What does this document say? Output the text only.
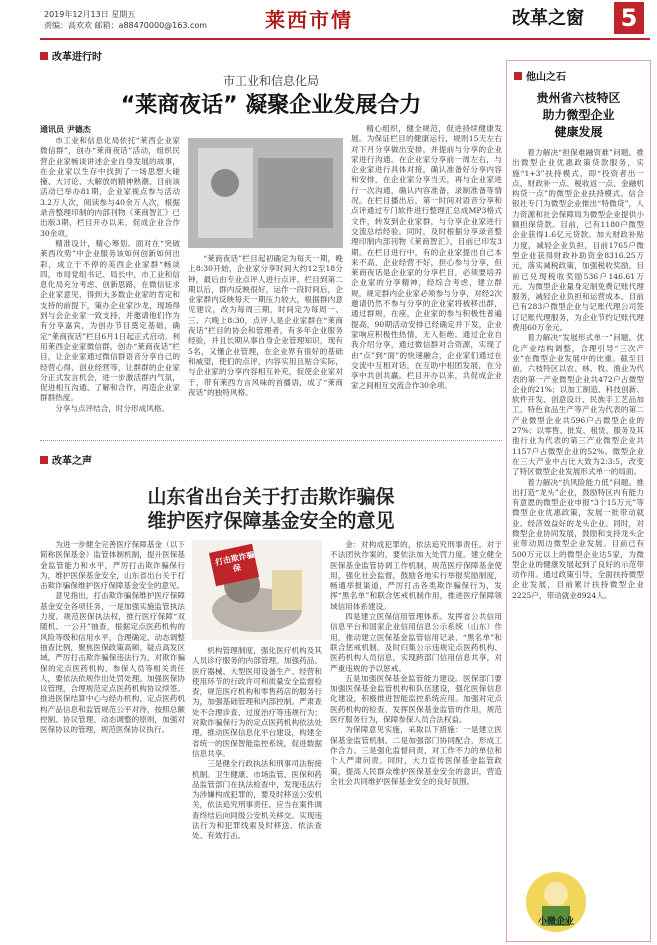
2019年12月13日 星期五
责编：高欢欢 邮箱：a88470000@163.com	莱西市情	改革之窗 5
改革进行时
市工业和信息化局
“莱商夜话” 凝聚企业发展合力
通讯员 尹德杰

市工业和信息化局依托“莱西企业家微信群”，创办“莱商夜话”活动，组织民营企业家畅谈讲述企业自身发展的故事，在企业家以生存中找到了一场思想大碰撞、大讨论、大解放的精神熟潮。目前该活动已举办81期，企业家视点参与活动3.2万人次，阅读参与40余万人次，根据录音整理印制的内部刊物《莱商智汇》已出版3期，栏目开办以来，促成企业合作30余项。

精准设计，精心筹划。面对在“突破莱西攻势”中企业服务该如何创新如何出彩，成立于不停的美西企业家群“畅谈四，市局党组书记、局长中，市工业和信息化局充分考虑、创新思路，在微信征求企业家意见，得到大多数企业家的肯定和支持的前提下，策办企业家沙龙，现场得到与会企业家一致支持，并邀请他们作为有分享嘉宾，为创办节目奠定基础，确定“莱商夜话”栏目6月1日起正式启动。利用莱西企业家微信群，创办“莱商夜话”栏目，让企业家通过微信群语音分享自己的经营心得、创业经营等，让群群的企业家分正式发言机会，进一步激活群内气氛，促进相互沟通、了解和合作，再造企业家群群热度。

分享与点评结合，时分形成风格。

“莱商夜话”栏目起初确定为每天一期，晚上8:30开始，企业家分享时间大约12至18分钟，最后由专业点评人进行点评。栏目到第二期以后，群内反映很好，运作一段时间后，企业家群内反映每天一期压力较大，根据群内意见建议，改为每周三期，时间定为每周一、三、六晚上8:30，点评人是企业家群在“莱商夜话”栏目的协会和管理者，有多年企业服务经验，并且长期从事自身企业管理知识，现有5名，又懂企业管理，在企业界有很好的基础和威望，使们的点评，内容实用且贴合实际，与企业家的分享内容相互补充，促使企业家对于，带有莱西方言风味的首播语，成了“莱商夜话”的独特风格。

精心组织，健全规范，促进持续健康发展。为保证栏目的健康运行，规则15天左右对下月分享做出安排，并提前与分享的企业家进行沟通。在企业家分享前一周左右，与企业家进行具体对接，确认准备好分享内容和安排，在企业家分享当天，再与企业家进行一次沟通，确认内容准备，录制准备等情况。在栏目播出后，第一时间对语音分享和点评通过专门软件进行整理汇总成MP3格式文件，转发到企业家群，与分享企业家进行交流总结经验。同时，及时根据分享录音整理印制内部刊物《莱商智汇》，目前已印发3期。在栏目进行中，有的企业家提出自己本来不高，企业经营不好，担心参与分享，但莱商夜话是企业家的分享栏目，必须要培养企业家的分享精神，经综合考虑，建立群规，规定群内企业家必须参与分享，对经2次邀请仍然不参与分享的企业家将被移出群，通过群规，在座，企业家的参与积极性普遍提高，90期活动安排已经确定并下发，企业家响应积极性热情，无人拒绝。通过企业自我介绍分享，通过微信群对合资源，实现了由“点”到“面”的快速融合，企业家们通过在交流中互相对话，在互助中相团发展，在分享中共创共赢。栏目开办以来，共促成企业家之间相互交流合作30余项。

改革之声
山东省出台关于打击欺诈骗保
维护医疗保障基金安全的意见

为进一步健全完善医疗保障基金（以下简称医保基金）监管体制机制，提升医保基金监管能力和水平，严厉打击欺诈骗保行为，维护医保基金安全，山东省出台关于打击欺诈骗保维护医疗保障基金安全的意见。

意见指出，打击欺诈骗保维护医疗保障基金安全各项任务，一是加强实施监管执法力度。规范医保执法权，推行医疗保障“双随机、一公开”抽查，根据定点医药机构的风险等级和信用水平，合理确定、动态调整抽查比例，聚焦医保政策高频、疑点高发区域。严厉打击欺诈骗保违法行为，对欺诈骗保的定点医药机构、参保人员等相关责任人，要依法依规作出处罚处理。加强医保协议管理，合理规范定点医药机构协议续签。推进医保结算中心与经办机构、定点医药机构产品信息和监管规范公平对待，按照总额控制、协议管理、动态调整的原则，加强对医保协议的管理，规范医保协议执行。

打击欺诈骗保

机构管理制度，强化医疗机构及其人员诊疗服务的内部管理。加强药品、医疗器械、大型医用设备生产、经营和使用环节的行政许可和质量安全监督检查，规范医疗机构和零售药店的服务行为，加强基础管理和内部控制。严肃查处不合理诊查、过度治疗等违规行为；对欺诈骗保行为的定点医药机构依法处理。推动医保信息化平台建设，构建全省统一的医保智能监控系统，促进数据信息共享。

三是健全行政执法和刑事司法衔接机制。卫生健康、市场监管、医保和药品监管部门在执法检查中，发现违法行为涉嫌构成犯罪的，要及时移送公安机关，依法追究刑事责任。应当在案件调查终结后向同级公安机关移交。实现违法行为和犯罪线索及时移送、依法查处、有效打击。

金：对构成犯罪的，依法追究刑事责任。对于不法团伙作案的，要依法加大处罚力度。建立健全医保基金监管协调工作机制，规范医疗保障基金使用，强化社会监督，鼓励各地实行举报奖励制度，畅通举报渠道，严厉打击各类欺诈骗保行为，发挥“黑名单”和联合惩戒机制作用，推进医疗保障领域信用体系建设。

四是建立医保信用管理体系。发挥省公共信用信息平台和国家企业信用信息公示系统（山东）作用，推动建立医保基金监管信用记录、“黑名单”和联合惩戒机制。及时归集公示违规定点医药机构、医药机构人员信息，实现跨部门信用信息共享，对严重违规的予以惩戒。

五是加强医保基金监管能力建设。医保部门要加强医保基金监管机构和队伍建设，强化医保信息化建设，积极推进智能监控系统应用。加强对定点医药机构的检查，发挥医保基金监管的作用，规范医疗服务行为，保障参保人员合法权益。

为保障意见实施，采取以下措施：一是建立医保基金监管机制。二是加强部门协同配合，形成工作合力。三是强化监督问责，对工作不力的单位和个人严肃问责。同时，大力宣传医保基金监管政策，提高人民群众维护医保基金安全的意识，营造全社会共同维护医保基金安全的良好氛围。

他山之石
贵州省六枝特区
助力微型企业
健康发展

着力解决“担保难融资难”问题。推出微型企业优惠政策贷款服务，实施“1+3”扶持模式，即“投资者出一点、财政补一点、税收返一点、金融机构贷一点”的微型企业扶持模式。信合银社专门为微型企业推出“特微贷”，人力资源和社会保障局为微型企业提供小额担保贷款。目前，已有1180户微型企业获得1.6亿元贷款。加大财政补贴力度，减轻企业负担，目前1765户微型企业获得财政补助资金8316.25万元，落实减税政策，加强税收奖励，目前已兑现税收奖励536户146.61万元。为微型企业量身定制免费记账代理服务，减轻企业负担和运营成本。目前已有283户微型企业与记账代理公司签订记账代理服务，为企业节约记账代理费用60万余元。

着力解决“发展形式单一”问题。优化产业结构调整，合理引导“三次产业”在微型企业发展中的比重。截至目前，六枝特区以农、林、牧、渔业为代表的第一产业微型企业共472户占微型企业的21%；以加工制造、科技创新、软件开发、创意设计、民族手工艺品加工、特色食品生产等产业为代表的第二产业微型企业共596户占微型企业的27%；以零售、批发、租赁、服务及其他行业为代表的第三产业微型企业共1157户占微型企业的52%。微型企业在三大产业中占比大致为2:3:5，改变了特区微型企业发展形式单一的局面。

着力解决“抗风险能力低”问题。推出打造“龙头”企业，鼓励特区内有能力有意愿的微型企业申报“3个15万元”等微型企业优惠政策，发展一批带动就业、经济效益好的龙头企业。同时，对微型企业协同发展，鼓励和支持龙头企业带动周边微型企业发展。目前已有500万元以上的微型企业达5家，为微型企业的健康发展起到了良好的示范带动作用。通过政策引导，全面扶持微型企业发展，目前累计扶持微型企业2225户，带动就业8924人。

小微企业
